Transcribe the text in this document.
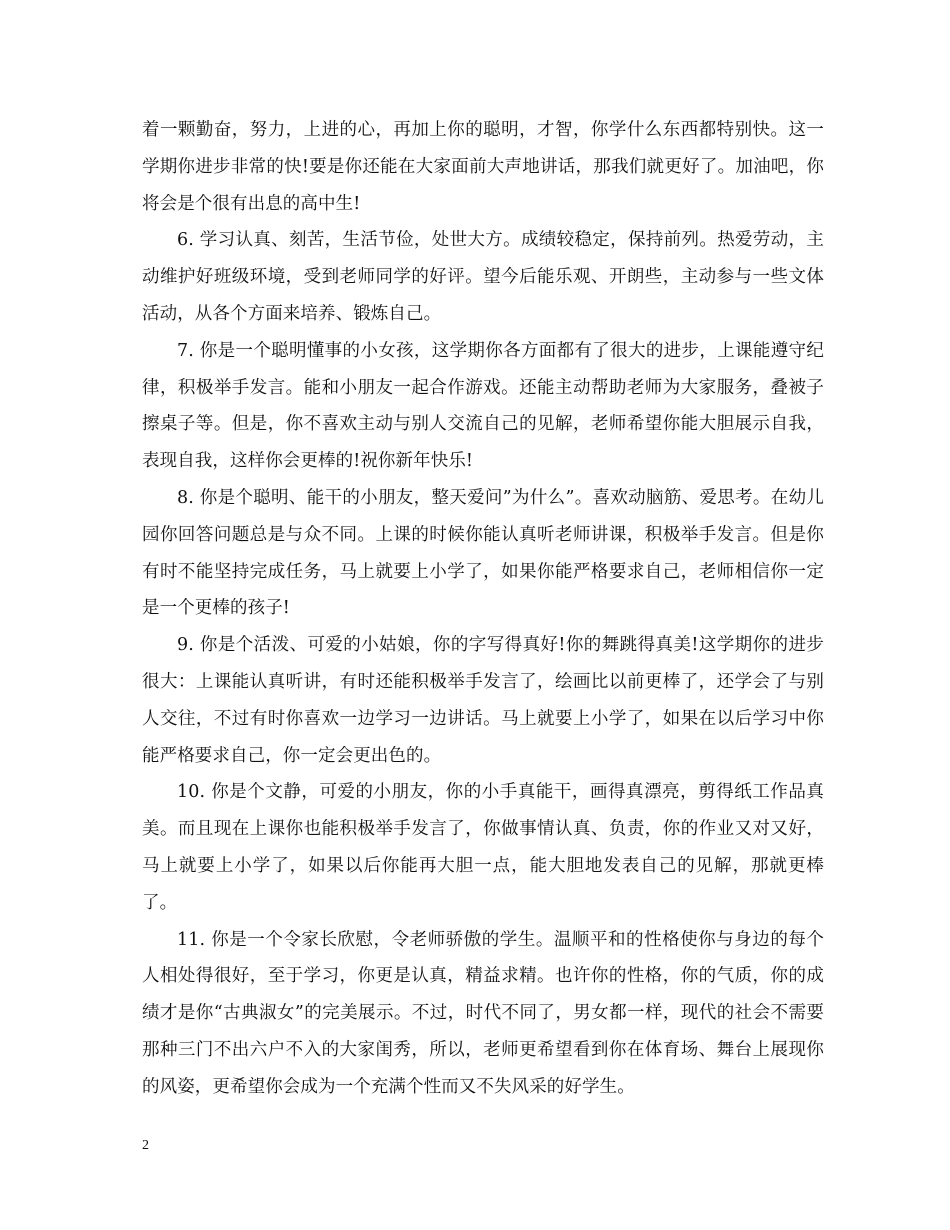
着一颗勤奋，努力，上进的心，再加上你的聪明，才智，你学什么东西都特别快。这一学期你进步非常的快!要是你还能在大家面前大声地讲话，那我们就更好了。加油吧，你将会是个很有出息的高中生!

6. 学习认真、刻苦，生活节俭，处世大方。成绩较稳定，保持前列。热爱劳动，主动维护好班级环境，受到老师同学的好评。望今后能乐观、开朗些，主动参与一些文体活动，从各个方面来培养、锻炼自己。

7. 你是一个聪明懂事的小女孩，这学期你各方面都有了很大的进步，上课能遵守纪律，积极举手发言。能和小朋友一起合作游戏。还能主动帮助老师为大家服务，叠被子擦桌子等。但是，你不喜欢主动与别人交流自己的见解，老师希望你能大胆展示自我，表现自我，这样你会更棒的!祝你新年快乐!

8. 你是个聪明、能干的小朋友，整天爱问”为什么”。喜欢动脑筋、爱思考。在幼儿园你回答问题总是与众不同。上课的时候你能认真听老师讲课，积极举手发言。但是你有时不能坚持完成任务，马上就要上小学了，如果你能严格要求自己，老师相信你一定是一个更棒的孩子!

9. 你是个活泼、可爱的小姑娘，你的字写得真好!你的舞跳得真美!这学期你的进步很大：上课能认真听讲，有时还能积极举手发言了，绘画比以前更棒了，还学会了与别人交往，不过有时你喜欢一边学习一边讲话。马上就要上小学了，如果在以后学习中你能严格要求自己，你一定会更出色的。

10. 你是个文静，可爱的小朋友，你的小手真能干，画得真漂亮，剪得纸工作品真美。而且现在上课你也能积极举手发言了，你做事情认真、负责，你的作业又对又好，马上就要上小学了，如果以后你能再大胆一点，能大胆地发表自己的见解，那就更棒了。

11. 你是一个令家长欣慰，令老师骄傲的学生。温顺平和的性格使你与身边的每个人相处得很好，至于学习，你更是认真，精益求精。也许你的性格，你的气质，你的成绩才是你“古典淑女”的完美展示。不过，时代不同了，男女都一样，现代的社会不需要那种三门不出六户不入的大家闺秀，所以，老师更希望看到你在体育场、舞台上展现你的风姿，更希望你会成为一个充满个性而又不失风采的好学生。

2
